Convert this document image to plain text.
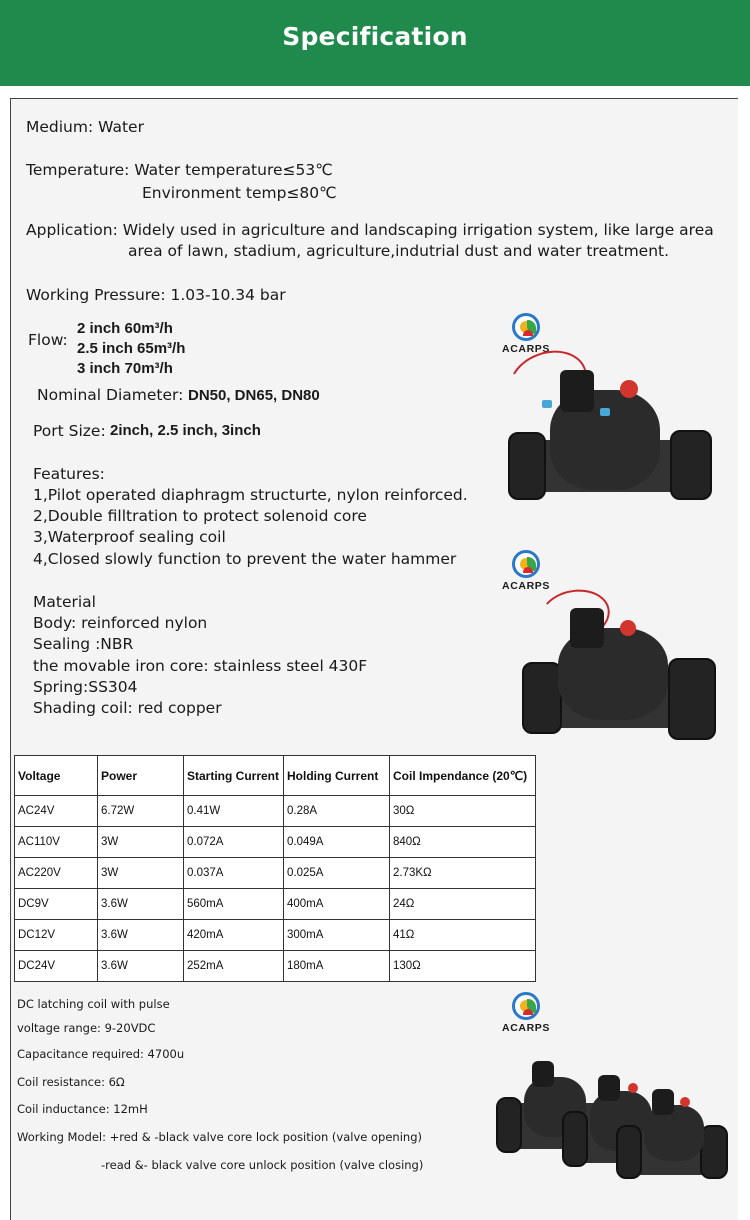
Specification
Medium: Water
Temperature: Water temperature≤53℃
Environment temp≤80℃
Application: Widely used in agriculture and landscaping irrigation system, like large area
area of lawn, stadium, agriculture,indutrial dust and water treatment.
Working Pressure: 1.03-10.34 bar
Flow:
2 inch 60m³/h
2.5 inch 65m³/h
3 inch 70m³/h
Nominal Diameter: DN50, DN65, DN80
Port Size: 2inch, 2.5 inch, 3inch
Features:
1,Pilot operated diaphragm structurte, nylon reinforced.
2,Double filltration to protect solenoid core
3,Waterproof sealing coil
4,Closed slowly function to prevent the water hammer
Material
Body: reinforced nylon
Sealing :NBR
the movable iron core: stainless steel 430F
Spring:SS304
Shading coil: red copper
ACARPS
ACARPS
ACARPS
Voltage	Power	Starting Current	Holding Current	Coil Impendance (20℃)
AC24V	6.72W	0.41W	0.28A	30Ω
AC110V	3W	0.072A	0.049A	840Ω
AC220V	3W	0.037A	0.025A	2.73KΩ
DC9V	3.6W	560mA	400mA	24Ω
DC12V	3.6W	420mA	300mA	41Ω
DC24V	3.6W	252mA	180mA	130Ω
DC latching coil with pulse
voltage range: 9-20VDC
Capacitance required: 4700u
Coil resistance: 6Ω
Coil inductance: 12mH
Working Model: +red & -black valve core lock position (valve opening)
-read &- black valve core unlock position (valve closing)
